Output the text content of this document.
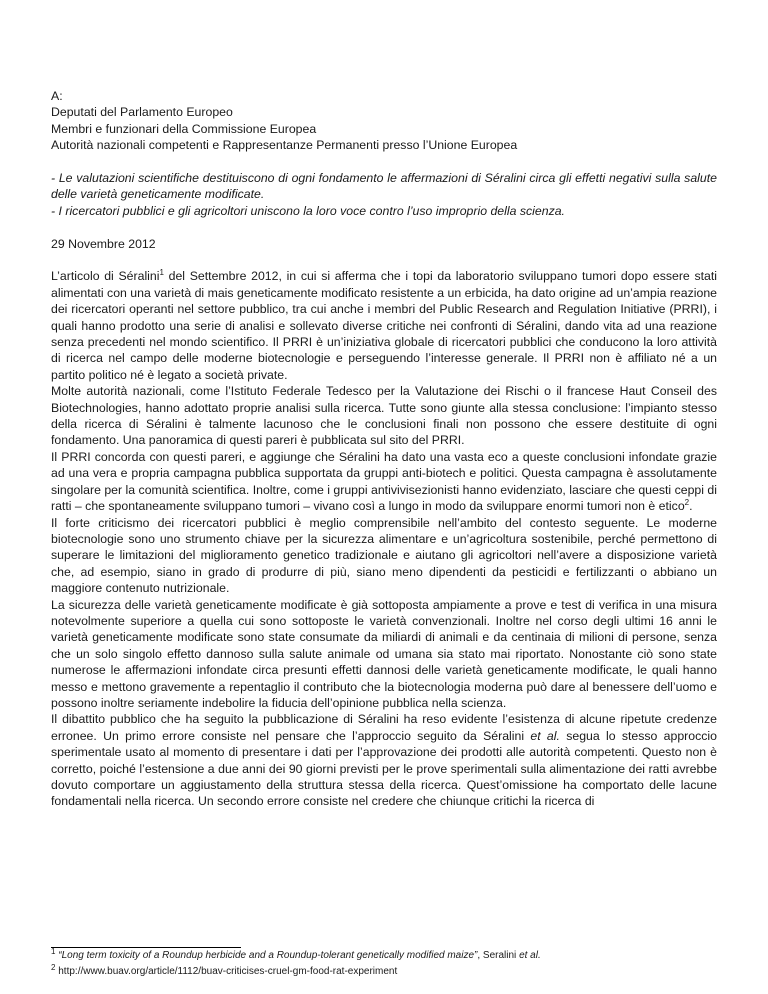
A:

Deputati del Parlamento Europeo

Membri e funzionari della Commissione Europea

Autorità nazionali competenti e Rappresentanze Permanenti presso l’Unione Europea

- Le valutazioni scientifiche destituiscono di ogni fondamento le affermazioni di Séralini circa gli effetti negativi sulla salute delle varietà geneticamente modificate.

- I ricercatori pubblici e gli agricoltori uniscono la loro voce contro l’uso improprio della scienza.

29 Novembre 2012

L’articolo di Séralini$^1$ del Settembre 2012, in cui si afferma che i topi da laboratorio sviluppano tumori dopo essere stati alimentati con una varietà di mais geneticamente modificato resistente a un erbicida, ha dato origine ad un’ampia reazione dei ricercatori operanti nel settore pubblico, tra cui anche i membri del Public Research and Regulation Initiative (PRRI), i quali hanno prodotto una serie di analisi e sollevato diverse critiche nei confronti di Séralini, dando vita ad una reazione senza precedenti nel mondo scientifico. Il PRRI è un’iniziativa globale di ricercatori pubblici che conducono la loro attività di ricerca nel campo delle moderne biotecnologie e perseguendo l’interesse generale. Il PRRI non è affiliato né a un partito politico né è legato a società private.

Molte autorità nazionali, come l’Istituto Federale Tedesco per la Valutazione dei Rischi o il francese Haut Conseil des Biotechnologies, hanno adottato proprie analisi sulla ricerca. Tutte sono giunte alla stessa conclusione: l’impianto stesso della ricerca di Séralini è talmente lacunoso che le conclusioni finali non possono che essere destituite di ogni fondamento. Una panoramica di questi pareri è pubblicata sul sito del PRRI.

Il PRRI concorda con questi pareri, e aggiunge che Séralini ha dato una vasta eco a queste conclusioni infondate grazie ad una vera e propria campagna pubblica supportata da gruppi anti-biotech e politici. Questa campagna è assolutamente singolare per la comunità scientifica. Inoltre, come i gruppi antivivisezionisti hanno evidenziato, lasciare che questi ceppi di ratti – che spontaneamente sviluppano tumori – vivano così a lungo in modo da sviluppare enormi tumori non è etico$^2$.

Il forte criticismo dei ricercatori pubblici è meglio comprensibile nell’ambito del contesto seguente. Le moderne biotecnologie sono uno strumento chiave per la sicurezza alimentare e un’agricoltura sostenibile, perché permettono di superare le limitazioni del miglioramento genetico tradizionale e aiutano gli agricoltori nell’avere a disposizione varietà che, ad esempio, siano in grado di produrre di più, siano meno dipendenti da pesticidi e fertilizzanti o abbiano un maggiore contenuto nutrizionale.

La sicurezza delle varietà geneticamente modificate è già sottoposta ampiamente a prove e test di verifica in una misura notevolmente superiore a quella cui sono sottoposte le varietà convenzionali. Inoltre nel corso degli ultimi 16 anni le varietà geneticamente modificate sono state consumate da miliardi di animali e da centinaia di milioni di persone, senza che un solo singolo effetto dannoso sulla salute animale od umana sia stato mai riportato. Nonostante ciò sono state numerose le affermazioni infondate circa presunti effetti dannosi delle varietà geneticamente modificate, le quali hanno messo e mettono gravemente a repentaglio il contributo che la biotecnologia moderna può dare al benessere dell’uomo e possono inoltre seriamente indebolire la fiducia dell’opinione pubblica nella scienza.

Il dibattito pubblico che ha seguito la pubblicazione di Séralini ha reso evidente l’esistenza di alcune ripetute credenze erronee. Un primo errore consiste nel pensare che l’approccio seguito da Séralini et al. segua lo stesso approccio sperimentale usato al momento di presentare i dati per l’approvazione dei prodotti alle autorità competenti. Questo non è corretto, poiché l’estensione a due anni dei 90 giorni previsti per le prove sperimentali sulla alimentazione dei ratti avrebbe dovuto comportare un aggiustamento della struttura stessa della ricerca. Quest’omissione ha comportato delle lacune fondamentali nella ricerca. Un secondo errore consiste nel credere che chiunque critichi la ricerca di

$^1$ “Long term toxicity of a Roundup herbicide and a Roundup-tolerant genetically modified maize”, Seralini et al.
$^2$ http://www.buav.org/article/1112/buav-criticises-cruel-gm-food-rat-experiment
